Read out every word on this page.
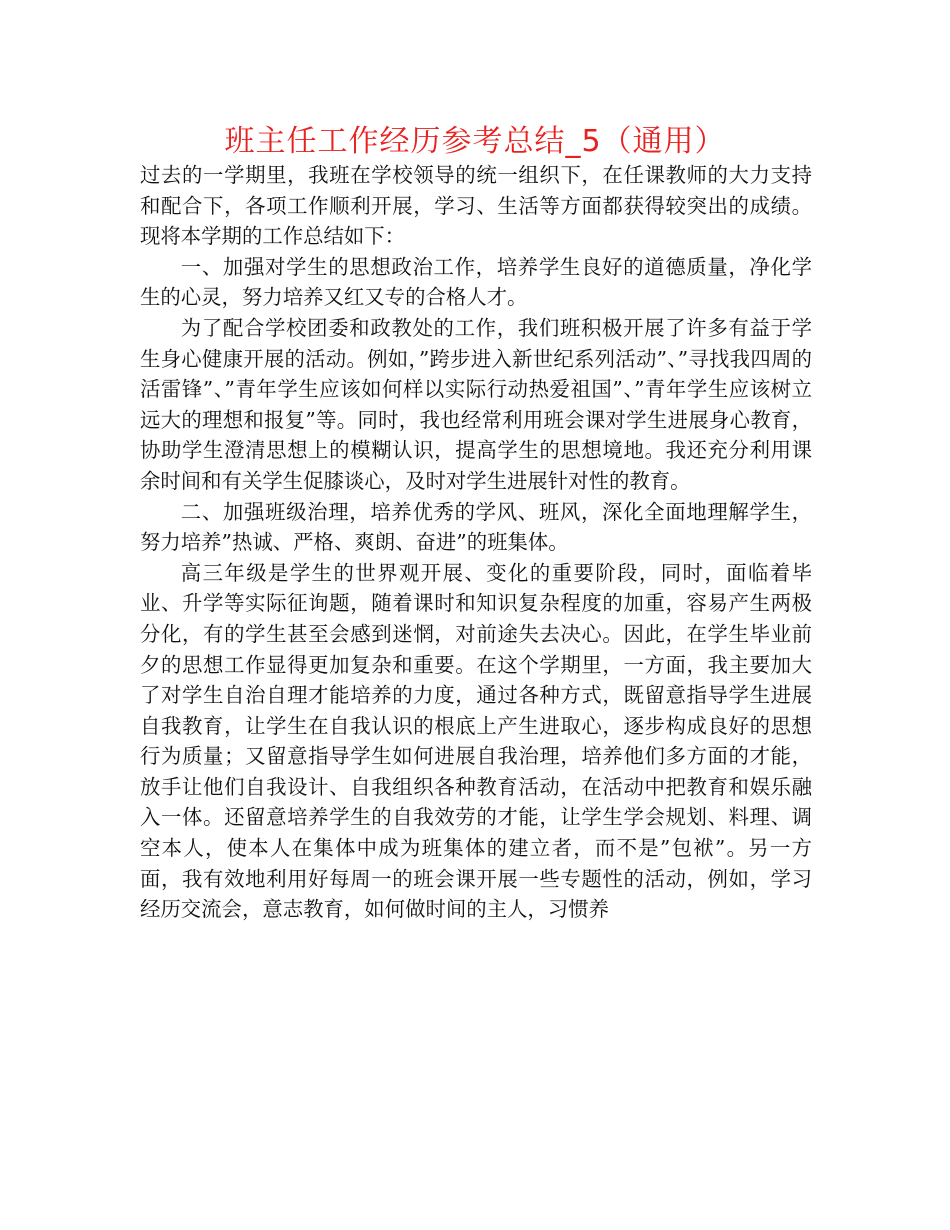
班主任工作经历参考总结_5（通用）

过去的一学期里，我班在学校领导的统一组织下，在任课教师的大力支持和配合下，各项工作顺利开展，学习、生活等方面都获得较突出的成绩。现将本学期的工作总结如下：

一、加强对学生的思想政治工作，培养学生良好的道德质量，净化学生的心灵，努力培养又红又专的合格人才。

为了配合学校团委和政教处的工作，我们班积极开展了许多有益于学生身心健康开展的活动。例如，”跨步进入新世纪系列活动”、”寻找我四周的活雷锋”、”青年学生应该如何样以实际行动热爱祖国”、”青年学生应该树立远大的理想和报复”等。同时，我也经常利用班会课对学生进展身心教育，协助学生澄清思想上的模糊认识，提高学生的思想境地。我还充分利用课余时间和有关学生促膝谈心，及时对学生进展针对性的教育。

二、加强班级治理，培养优秀的学风、班风，深化全面地理解学生，努力培养”热诚、严格、爽朗、奋进”的班集体。

高三年级是学生的世界观开展、变化的重要阶段，同时，面临着毕业、升学等实际征询题，随着课时和知识复杂程度的加重，容易产生两极分化，有的学生甚至会感到迷惘，对前途失去决心。因此，在学生毕业前夕的思想工作显得更加复杂和重要。在这个学期里，一方面，我主要加大了对学生自治自理才能培养的力度，通过各种方式，既留意指导学生进展自我教育，让学生在自我认识的根底上产生进取心，逐步构成良好的思想行为质量；又留意指导学生如何进展自我治理，培养他们多方面的才能，放手让他们自我设计、自我组织各种教育活动，在活动中把教育和娱乐融入一体。还留意培养学生的自我效劳的才能，让学生学会规划、料理、调空本人，使本人在集体中成为班集体的建立者，而不是”包袱”。另一方面，我有效地利用好每周一的班会课开展一些专题性的活动，例如，学习经历交流会，意志教育，如何做时间的主人，习惯养
